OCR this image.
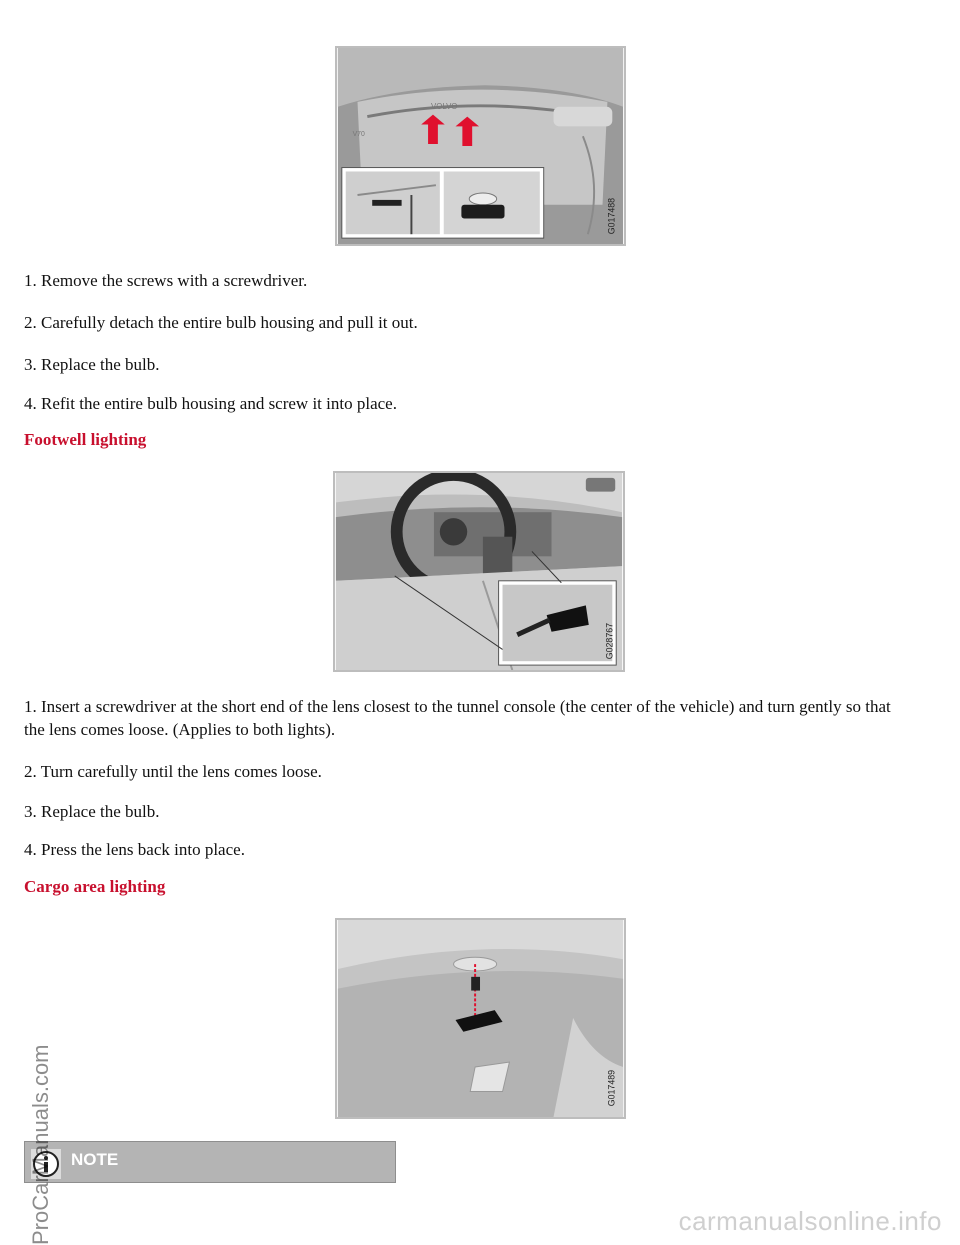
VOLVO
V70
G017488

1. Remove the screws with a screwdriver.

2. Carefully detach the entire bulb housing and pull it out.

3. Replace the bulb.

4. Refit the entire bulb housing and screw it into place.

Footwell lighting
G028767

1. Insert a screwdriver at the short end of the lens closest to the tunnel console (the center of the vehicle) and turn gently so that the lens comes loose. (Applies to both lights).

2. Turn carefully until the lens comes loose.

3. Replace the bulb.

4. Press the lens back into place.

Cargo area lighting
G017489
NOTE
ProCarManuals.com	carmanualsonline.info
